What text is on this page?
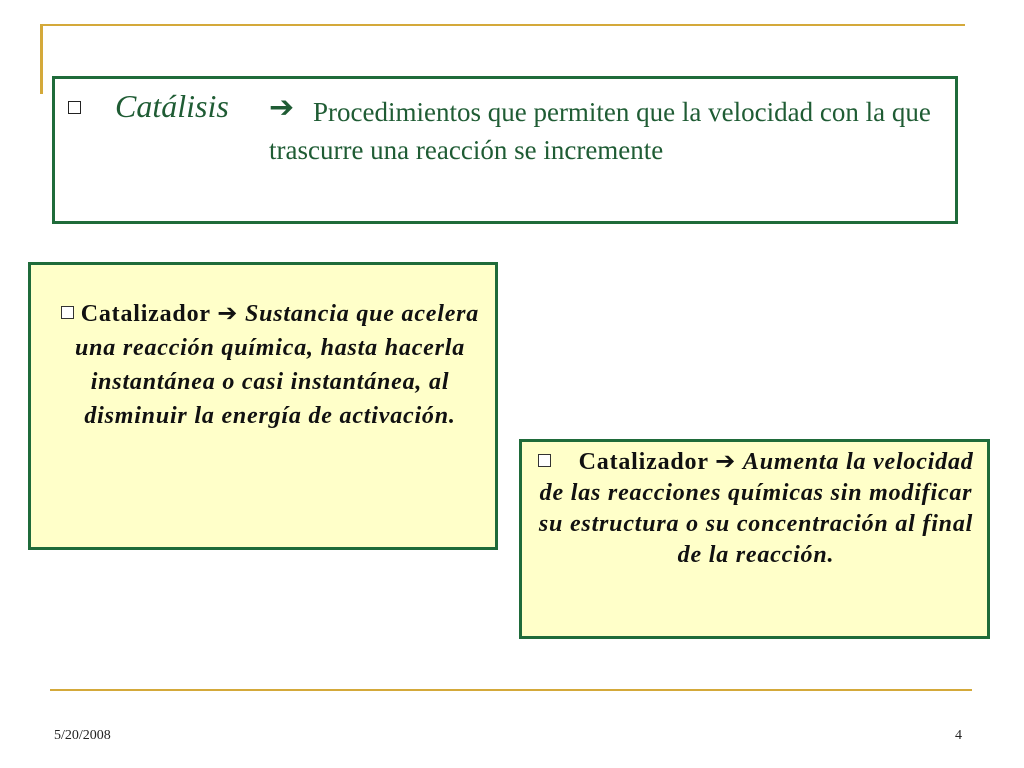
Catálisis ➔ Procedimientos que permiten que la velocidad con la que trascurre una reacción se incremente
Catalizador ➔ Sustancia que acelera una reacción química, hasta hacerla instantánea o casi instantánea, al disminuir la energía de activación.
Catalizador ➔ Aumenta la velocidad de las reacciones químicas sin modificar su estructura o su concentración al final de la reacción.
5/20/2008	4
